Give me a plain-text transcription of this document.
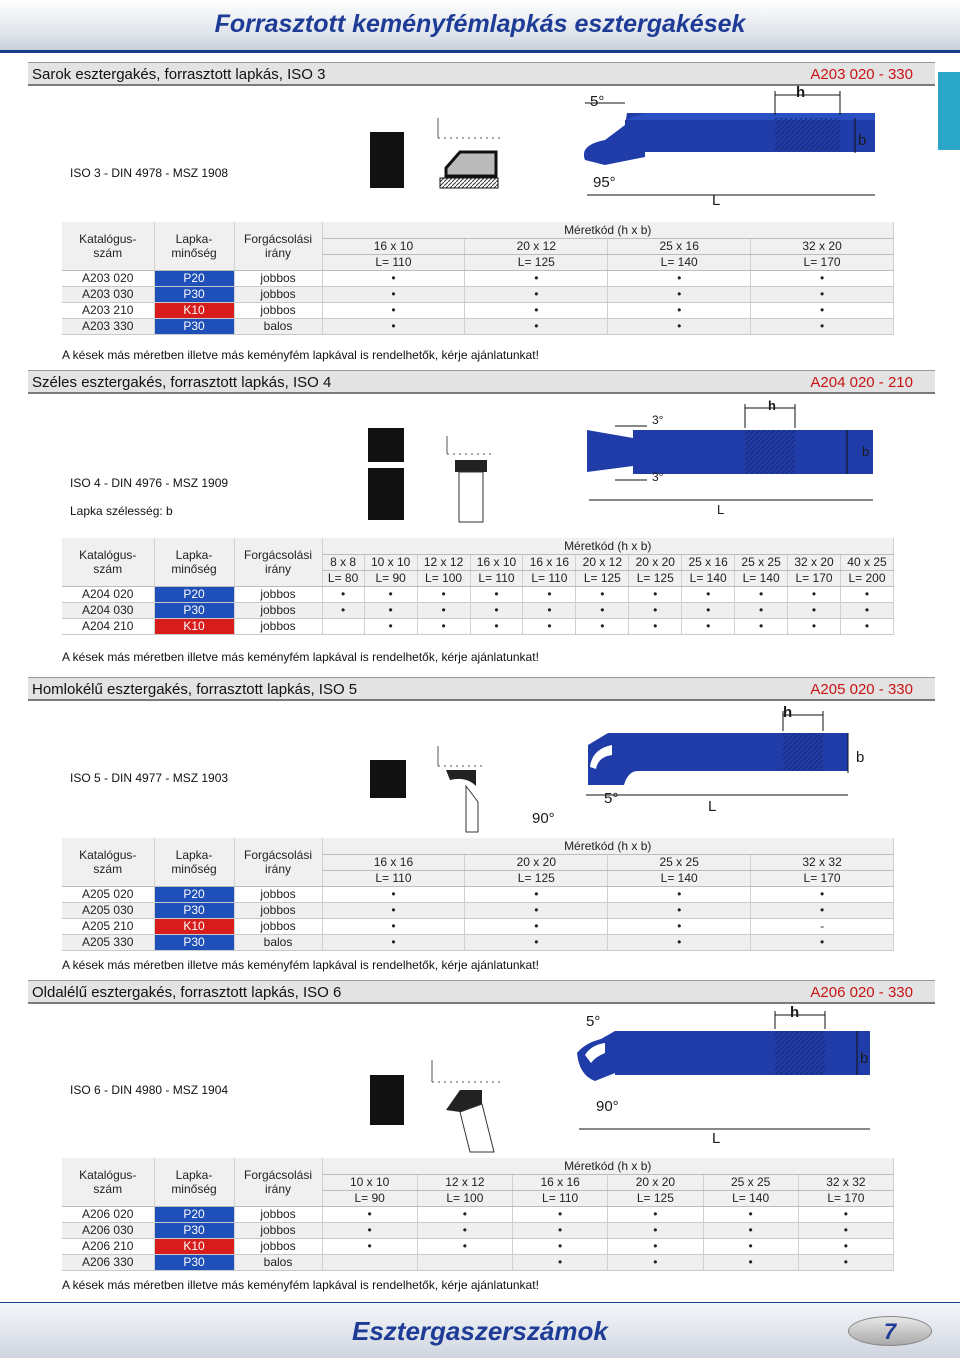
Forrasztott keményfémlapkás esztergakések
Sarok esztergakés, forrasztott lapkás, ISO 3	A203 020 - 330
ISO 3 - DIN 4978 - MSZ 1908
5°
95°
h
b
L
Katalógus-
szám	Lapka-
minőség	Forgácsolási
irány	Méretkód (h x b)			
			16 x 10	20 x 12	25 x 16	32 x 20
			L= 110	L= 125	L= 140	L= 170
A203 020	P20	jobbos	•	•	•	•
A203 030	P30	jobbos	•	•	•	•
A203 210	K10	jobbos	•	•	•	•
A203 330	P30	balos	•	•	•	•
A kések más méretben illetve más keményfém lapkával is rendelhetők, kérje ajánlatunkat!
Széles esztergakés, forrasztott lapkás, ISO 4	A204 020 - 210
ISO 4 - DIN 4976 - MSZ 1909
Lapka szélesség: b
3°
3°
h
b
L
Katalógus-
szám	Lapka-
minőség	Forgácsolási
irány	Méretkód (h x b)										
			8 x 8	10 x 10	12 x 12	16 x 10	16 x 16	20 x 12	20 x 20	25 x 16	25 x 25	32 x 20	40 x 25
			L= 80	L= 90	L= 100	L= 110	L= 110	L= 125	L= 125	L= 140	L= 140	L= 170	L= 200
A204 020	P20	jobbos	•	•	•	•	•	•	•	•	•	•	•
A204 030	P30	jobbos	•	•	•	•	•	•	•	•	•	•	•
A204 210	K10	jobbos		•	•	•	•	•	•	•	•	•	•
A kések más méretben illetve más keményfém lapkával is rendelhetők, kérje ajánlatunkat!
Homlokélű esztergakés, forrasztott lapkás, ISO 5	A205 020 - 330
ISO 5 - DIN 4977 - MSZ 1903
h
b
L
5°
90°
Katalógus-
szám	Lapka-
minőség	Forgácsolási
irány	Méretkód (h x b)			
			16 x 16	20 x 20	25 x 25	32 x 32
			L= 110	L= 125	L= 140	L= 170
A205 020	P20	jobbos	•	•	•	•
A205 030	P30	jobbos	•	•	•	•
A205 210	K10	jobbos	•	•	•	-
A205 330	P30	balos	•	•	•	•
A kések más méretben illetve más keményfém lapkával is rendelhetők, kérje ajánlatunkat!
Oldalélű esztergakés, forrasztott lapkás, ISO 6	A206 020 - 330
ISO 6 - DIN 4980 - MSZ 1904
5°
90°
h
b
L
Katalógus-
szám	Lapka-
minőség	Forgácsolási
irány	Méretkód (h x b)					
			10 x 10	12 x 12	16 x 16	20 x 20	25 x 25	32 x 32
			L= 90	L= 100	L= 110	L= 125	L= 140	L= 170
A206 020	P20	jobbos	•	•	•	•	•	•
A206 030	P30	jobbos	•	•	•	•	•	•
A206 210	K10	jobbos	•	•	•	•	•	•
A206 330	P30	balos			•	•	•	•
A kések más méretben illetve más keményfém lapkával is rendelhetők, kérje ajánlatunkat!
Esztergaszerszámok	7
